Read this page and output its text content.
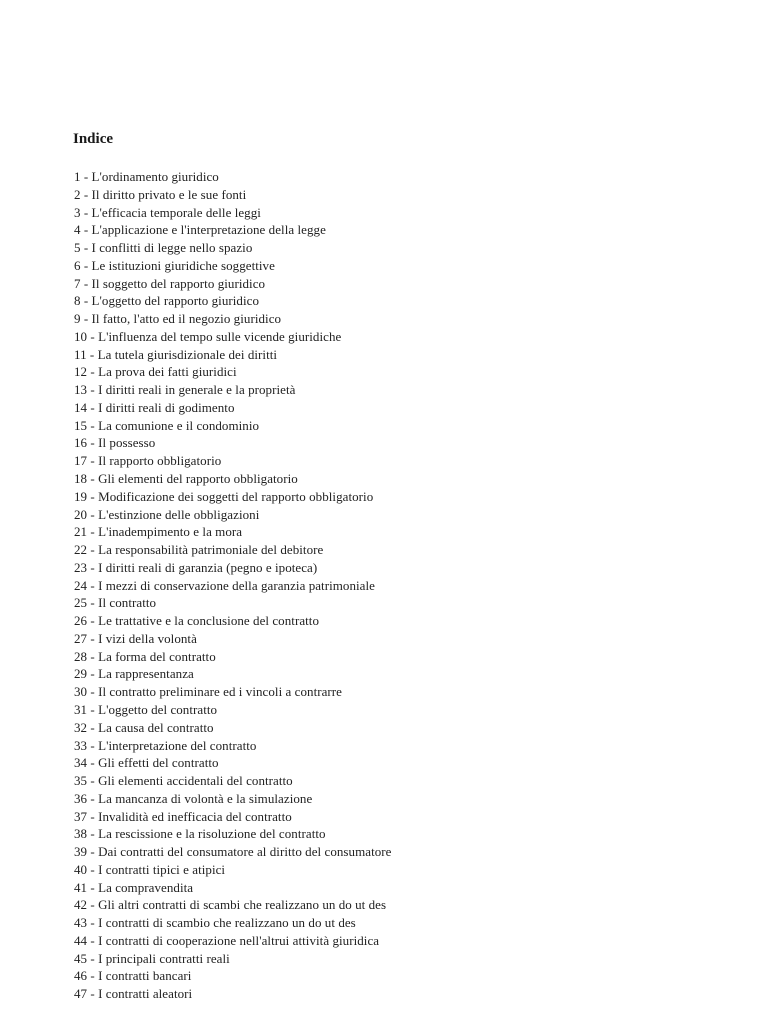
Indice
1 - L'ordinamento giuridico
2 - Il diritto privato e le sue fonti
3 - L'efficacia temporale delle leggi
4 - L'applicazione e l'interpretazione della legge
5 - I conflitti di legge nello spazio
6 - Le istituzioni giuridiche soggettive
7 - Il soggetto del rapporto giuridico
8 - L'oggetto del rapporto giuridico
9 - Il fatto, l'atto ed il negozio giuridico
10 - L'influenza del tempo sulle vicende giuridiche
11 - La tutela giurisdizionale dei diritti
12 - La prova dei fatti giuridici
13 - I diritti reali in generale e la proprietà
14 - I diritti reali di godimento
15 - La comunione e il condominio
16 - Il possesso
17 - Il rapporto obbligatorio
18 - Gli elementi del rapporto obbligatorio
19 - Modificazione dei soggetti del rapporto obbligatorio
20 - L'estinzione delle obbligazioni
21 - L'inadempimento e la mora
22 - La responsabilità patrimoniale del debitore
23 - I diritti reali di garanzia (pegno e ipoteca)
24 - I mezzi di conservazione della garanzia patrimoniale
25 - Il contratto
26 - Le trattative e la conclusione del contratto
27 - I vizi della volontà
28 - La forma del contratto
29 - La rappresentanza
30 - Il contratto preliminare ed i vincoli a contrarre
31 - L'oggetto del contratto
32 - La causa del contratto
33 - L'interpretazione del contratto
34 - Gli effetti del contratto
35 - Gli elementi accidentali del contratto
36 - La mancanza di volontà e la simulazione
37 - Invalidità ed inefficacia del contratto
38 - La rescissione e la risoluzione del contratto
39 - Dai contratti del consumatore al diritto del consumatore
40 - I contratti tipici e atipici
41 - La compravendita
42 - Gli altri contratti di scambi che realizzano un do ut des
43 - I contratti di scambio che realizzano un do ut des
44 - I contratti di cooperazione nell'altrui attività giuridica
45 - I principali contratti reali
46 - I contratti bancari
47 - I contratti aleatori
